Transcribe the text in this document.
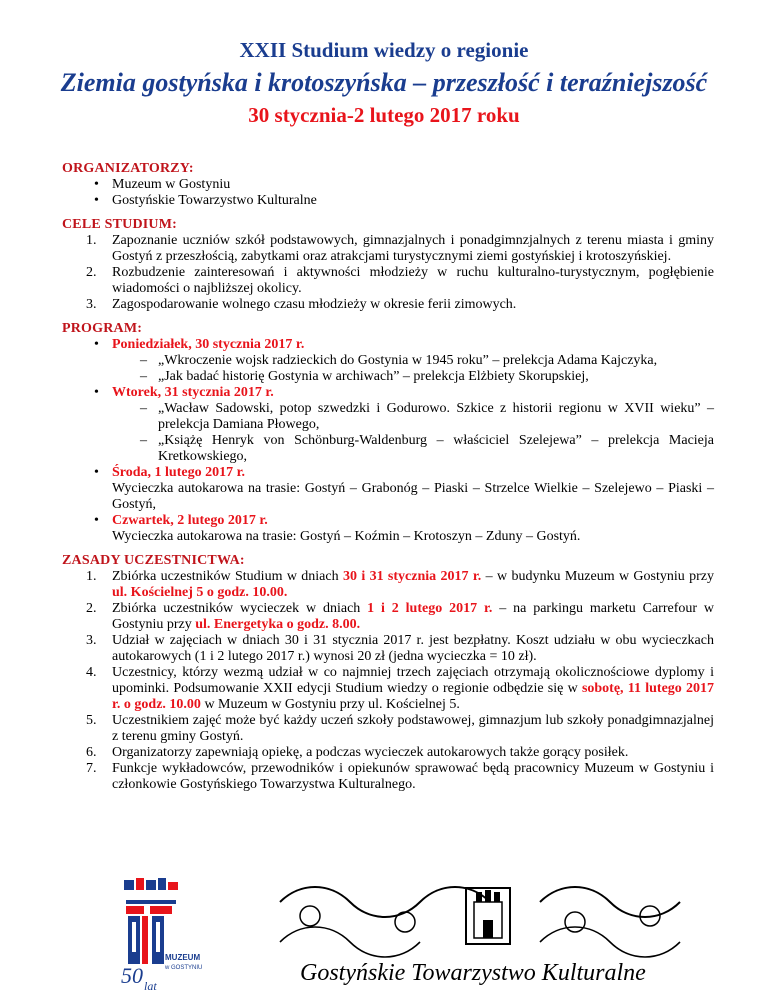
XXII Studium wiedzy o regionie
Ziemia gostyńska i krotoszyńska – przeszłość i teraźniejszość
30 stycznia-2 lutego 2017 roku
ORGANIZATORZY:
• Muzeum w Gostyniu
• Gostyńskie Towarzystwo Kulturalne
CELE STUDIUM:
1. Zapoznanie uczniów szkół podstawowych, gimnazjalnych i ponadgimnzjalnych z terenu miasta i gminy Gostyń z przeszłością, zabytkami oraz atrakcjami turystycznymi ziemi gostyńskiej i krotoszyńskiej.
2. Rozbudzenie zainteresowań i aktywności młodzieży w ruchu kulturalno-turystycznym, pogłębienie wiadomości o najbliższej okolicy.
3. Zagospodarowanie wolnego czasu młodzieży w okresie ferii zimowych.
PROGRAM:
• Poniedziałek, 30 stycznia 2017 r.
– „Wkroczenie wojsk radzieckich do Gostynia w 1945 roku” – prelekcja Adama Kajczyka,
– „Jak badać historię Gostynia w archiwach” – prelekcja Elżbiety Skorupskiej,
• Wtorek, 31 stycznia 2017 r.
– „Wacław Sadowski, potop szwedzki i Godurowo. Szkice z historii regionu w XVII wieku” – prelekcja Damiana Płowego,
– „Książę Henryk von Schönburg-Waldenburg – właściciel Szelejewa” – prelekcja Macieja Kretkowskiego,
• Środa, 1 lutego 2017 r.
Wycieczka autokarowa na trasie: Gostyń – Grabonóg – Piaski – Strzelce Wielkie – Szelejewo – Piaski – Gostyń,
• Czwartek, 2 lutego 2017 r.
Wycieczka autokarowa na trasie: Gostyń – Koźmin – Krotoszyn – Zduny – Gostyń.
ZASADY UCZESTNICTWA:
1. Zbiórka uczestników Studium w dniach 30 i 31 stycznia 2017 r. – w budynku Muzeum w Gostyniu przy ul. Kościelnej 5 o godz. 10.00.
2. Zbiórka uczestników wycieczek w dniach 1 i 2 lutego 2017 r. – na parkingu marketu Carrefour w Gostyniu przy ul. Energetyka o godz. 8.00.
3. Udział w zajęciach w dniach 30 i 31 stycznia 2017 r. jest bezpłatny. Koszt udziału w obu wycieczkach autokarowych (1 i 2 lutego 2017 r.) wynosi 20 zł (jedna wycieczka = 10 zł).
4. Uczestnicy, którzy wezmą udział w co najmniej trzech zajęciach otrzymają okolicznościowe dyplomy i upominki. Podsumowanie XXII edycji Studium wiedzy o regionie odbędzie się w sobotę, 11 lutego 2017 r. o godz. 10.00 w Muzeum w Gostyniu przy ul. Kościelnej 5.
5. Uczestnikiem zajęć może być każdy uczeń szkoły podstawowej, gimnazjum lub szkoły ponadgimnazjalnej z terenu gminy Gostyń.
6. Organizatorzy zapewniają opiekę, a podczas wycieczek autokarowych także gorący posiłek.
7. Funkcje wykładowców, przewodników i opiekunów sprawować będą pracownicy Muzeum w Gostyniu i członkowie Gostyńskiego Towarzystwa Kulturalnego.
50 lat
MUZEUM
w GOSTYNIU	Gostyńskie Towarzystwo Kulturalne
